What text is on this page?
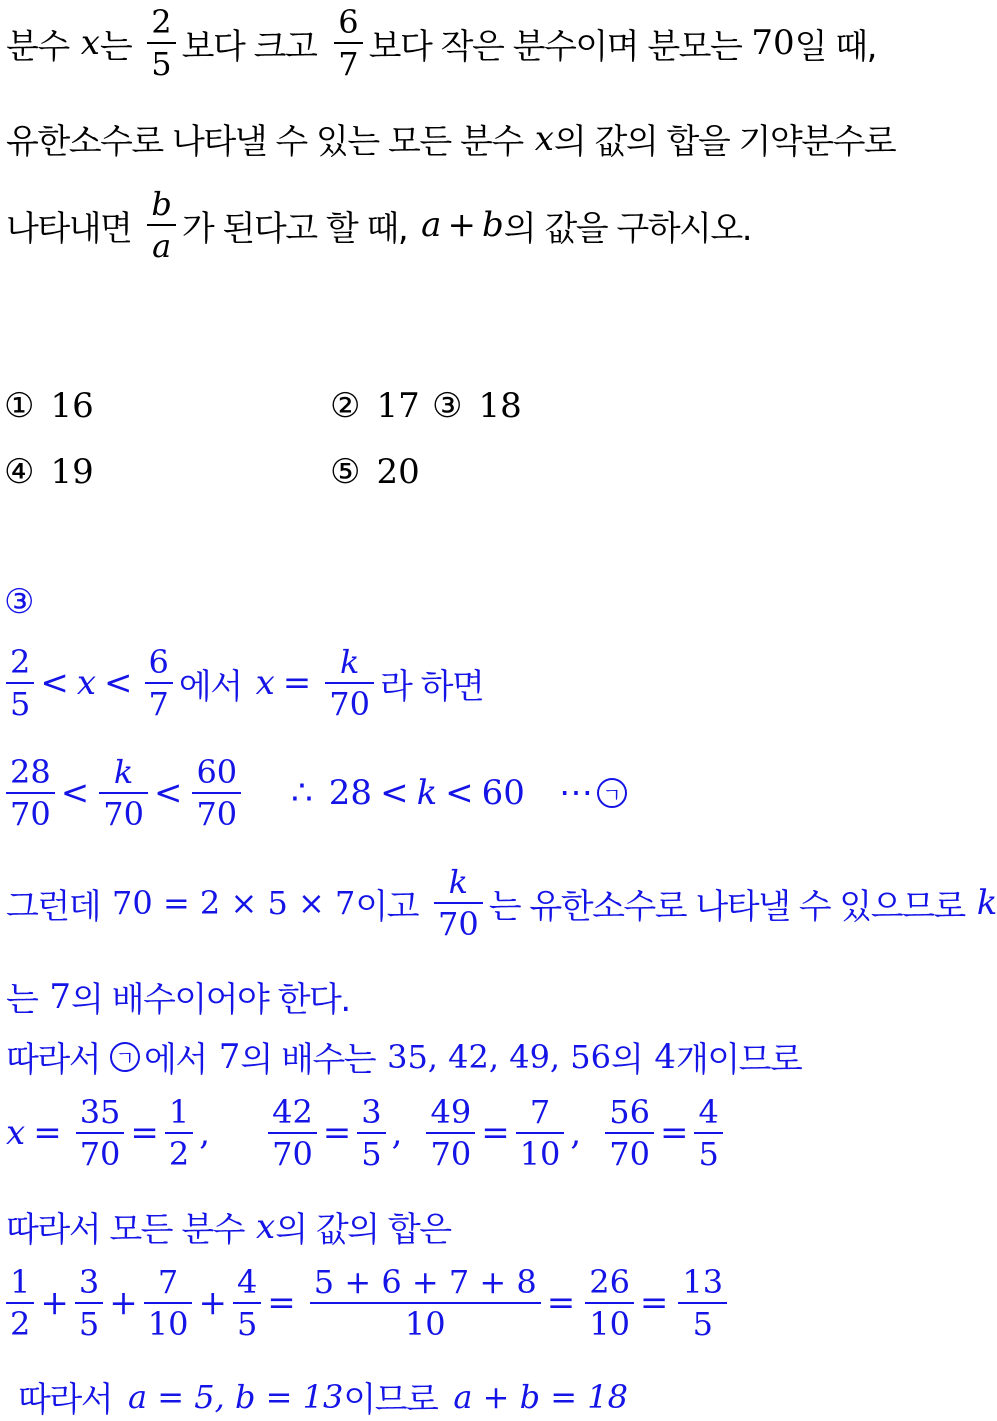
분수 x 는 $\frac{2}{5}$ 보다 크고 $\frac{6}{7}$ 보다 작은 분수이며 분모는 70 일 때,
유한소수로 나타낼 수 있는 모든 분수 x 의 값의 합을 기약분수로
나타내면 $\frac{b}{a}$ 가 된다고 할 때, a + b 의 값을 구하시오.
① 16	② 17 ③ 18
④ 19	⑤ 20
③
$\frac{2}{5} < x < \frac{6}{7}$ 에서 $x = \frac{k}{70}$ 라 하면
$\frac{28}{70} < \frac{k}{70} < \frac{60}{70}$ ∴ 28 < k < 60 ⋯ ㄱ
그런데 70 = 2 × 5 × 7 이고 $\frac{k}{70}$ 는 유한소수로 나타낼 수 있으므로 k
는 7 의 배수이어야 한다.
따라서 ㄱ 에서 7 의 배수는 35, 42, 49, 56 의 4 개이므로
$x = \frac{35}{70} = \frac{1}{2}$ , $\frac{42}{70} = \frac{3}{5}$ , $\frac{49}{70} = \frac{7}{10}$ , $\frac{56}{70} = \frac{4}{5}$
따라서 모든 분수 x 의 값의 합은
$\frac{1}{2} + \frac{3}{5} + \frac{7}{10} + \frac{4}{5} = \frac{5 + 6 + 7 + 8}{10} = \frac{26}{10} = \frac{13}{5}$
따라서 a = 5, b = 13 이므로 a + b = 18
